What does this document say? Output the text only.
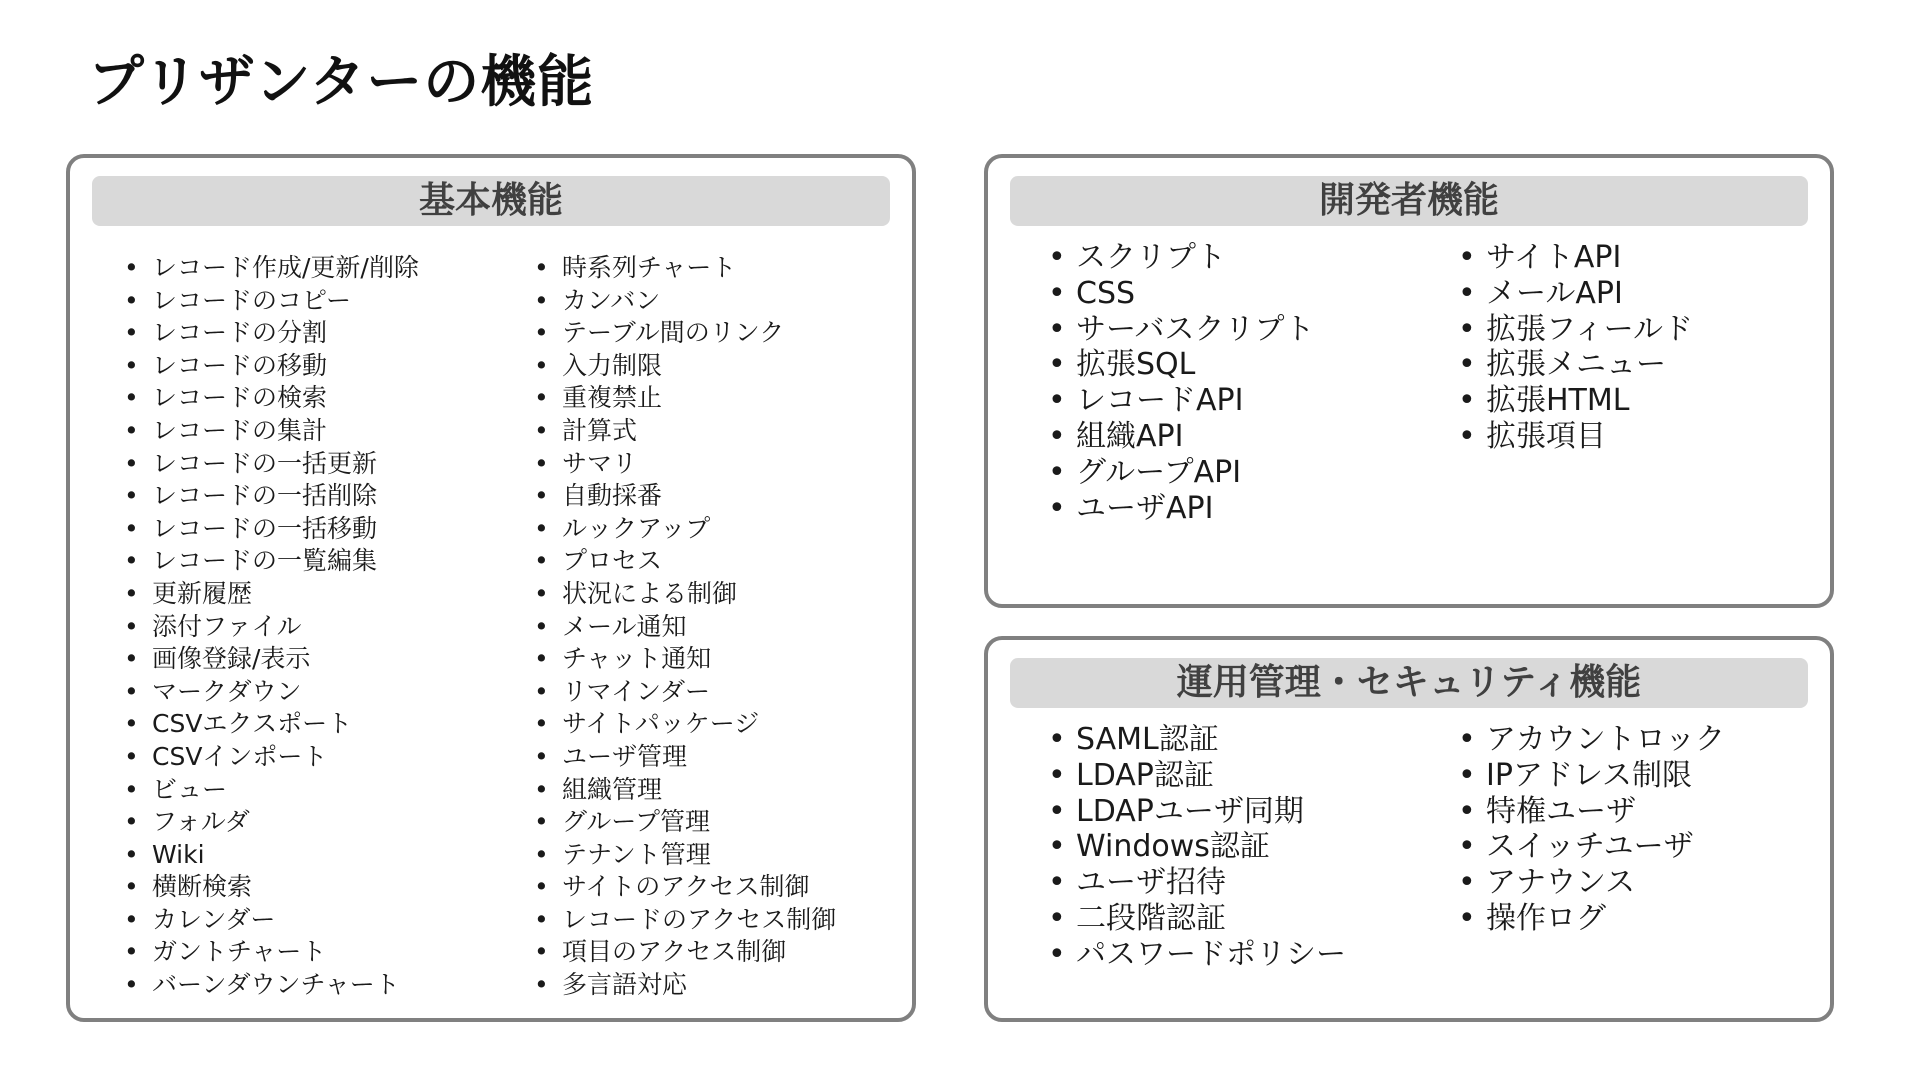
プリザンターの機能
基本機能
• レコード作成/更新/削除
• レコードのコピー
• レコードの分割
• レコードの移動
• レコードの検索
• レコードの集計
• レコードの一括更新
• レコードの一括削除
• レコードの一括移動
• レコードの一覧編集
• 更新履歴
• 添付ファイル
• 画像登録/表示
• マークダウン
• CSVエクスポート
• CSVインポート
• ビュー
• フォルダ
• Wiki
• 横断検索
• カレンダー
• ガントチャート
• バーンダウンチャート
• 時系列チャート
• カンバン
• テーブル間のリンク
• 入力制限
• 重複禁止
• 計算式
• サマリ
• 自動採番
• ルックアップ
• プロセス
• 状況による制御
• メール通知
• チャット通知
• リマインダー
• サイトパッケージ
• ユーザ管理
• 組織管理
• グループ管理
• テナント管理
• サイトのアクセス制御
• レコードのアクセス制御
• 項目のアクセス制御
• 多言語対応
開発者機能
• スクリプト
• CSS
• サーバスクリプト
• 拡張SQL
• レコードAPI
• 組織API
• グループAPI
• ユーザAPI
• サイトAPI
• メールAPI
• 拡張フィールド
• 拡張メニュー
• 拡張HTML
• 拡張項目
運用管理・セキュリティ機能
• SAML認証
• LDAP認証
• LDAPユーザ同期
• Windows認証
• ユーザ招待
• 二段階認証
• パスワードポリシー
• アカウントロック
• IPアドレス制限
• 特権ユーザ
• スイッチユーザ
• アナウンス
• 操作ログ
